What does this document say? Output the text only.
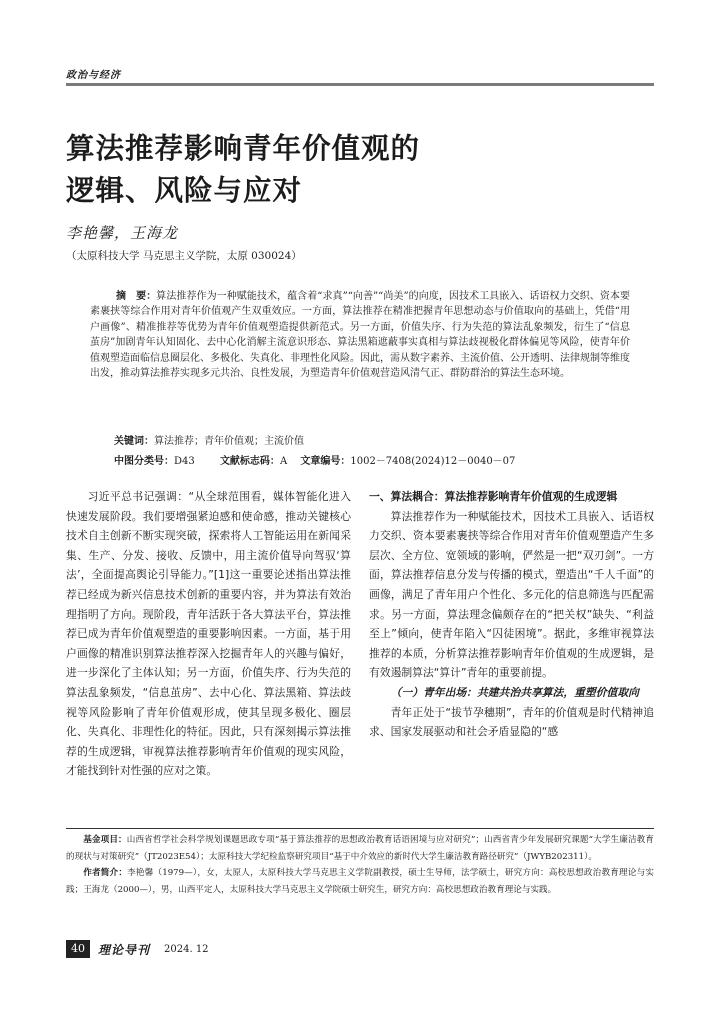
政治与经济
算法推荐影响青年价值观的
逻辑、风险与应对
李艳馨，王海龙
（太原科技大学 马克思主义学院，太原 030024）

摘　要：算法推荐作为一种赋能技术，蕴含着“求真”“向善”“尚美”的向度，因技术工具嵌入、话语权力交织、资本要素裹挟等综合作用对青年价值观产生双重效应。一方面，算法推荐在精准把握青年思想动态与价值取向的基础上，凭借“用户画像”、精准推荐等优势为青年价值观塑造提供新范式。另一方面，价值失序、行为失范的算法乱象频发，衍生了“信息茧房”加剧青年认知固化、去中心化消解主流意识形态、算法黑箱遮蔽事实真相与算法歧视极化群体偏见等风险，使青年价值观塑造面临信息圈层化、多极化、失真化、非理性化风险。因此，需从数字素养、主流价值、公开透明、法律规制等维度出发，推动算法推荐实现多元共治、良性发展，为塑造青年价值观营造风清气正、群防群治的算法生态环境。

关键词：算法推荐；青年价值观；主流价值
中图分类号：D43	文献标志码：A 文章编号：1002－7408(2024)12－0040－07

习近平总书记强调：“从全球范围看，媒体智能化进入快速发展阶段。我们要增强紧迫感和使命感，推动关键核心技术自主创新不断实现突破，探索将人工智能运用在新闻采集、生产、分发、接收、反馈中，用主流价值导向驾驭‘算法’，全面提高舆论引导能力。”[1]这一重要论述指出算法推荐已经成为新兴信息技术创新的重要内容，并为算法有效治理指明了方向。现阶段，青年活跃于各大算法平台，算法推荐已成为青年价值观塑造的重要影响因素。一方面，基于用户画像的精准识别算法推荐深入挖掘青年人的兴趣与偏好，进一步深化了主体认知；另一方面，价值失序、行为失范的算法乱象频发，“信息茧房”、去中心化、算法黑箱、算法歧视等风险影响了青年价值观形成，使其呈现多极化、圈层化、失真化、非理性化的特征。因此，只有深刻揭示算法推荐的生成逻辑，审视算法推荐影响青年价值观的现实风险，才能找到针对性强的应对之策。

一、算法耦合：算法推荐影响青年价值观的生成逻辑

算法推荐作为一种赋能技术，因技术工具嵌入、话语权力交织、资本要素裹挟等综合作用对青年价值观塑造产生多层次、全方位、宽领域的影响，俨然是一把“双刃剑”。一方面，算法推荐信息分发与传播的模式，塑造出“千人千面”的画像，满足了青年用户个性化、多元化的信息筛选与匹配需求。另一方面，算法理念偏颇存在的“把关权”缺失、“利益至上”倾向，使青年陷入“囚徒困境”。据此，多维审视算法推荐的本质，分析算法推荐影响青年价值观的生成逻辑，是有效遏制算法“算计”青年的重要前提。

（一）青年出场：共建共治共享算法，重塑价值取向

青年正处于“拔节孕穗期”，青年的价值观是时代精神追求、国家发展驱动和社会矛盾显隐的“感

基金项目：山西省哲学社会科学规划课题思政专项“基于算法推荐的思想政治教育话语困境与应对研究”；山西省青少年发展研究课题“大学生廉洁教育的现状与对策研究”（JT2023E54）；太原科技大学纪检监察研究项目“基于中介效应的新时代大学生廉洁教育路径研究”（JWYB202311）。

作者简介：李艳馨（1979—），女，太原人，太原科技大学马克思主义学院副教授，硕士生导师，法学硕士，研究方向：高校思想政治教育理论与实践；王海龙（2000—），男，山西平定人，太原科技大学马克思主义学院硕士研究生，研究方向：高校思想政治教育理论与实践。

40	理论导刊 2024. 12
